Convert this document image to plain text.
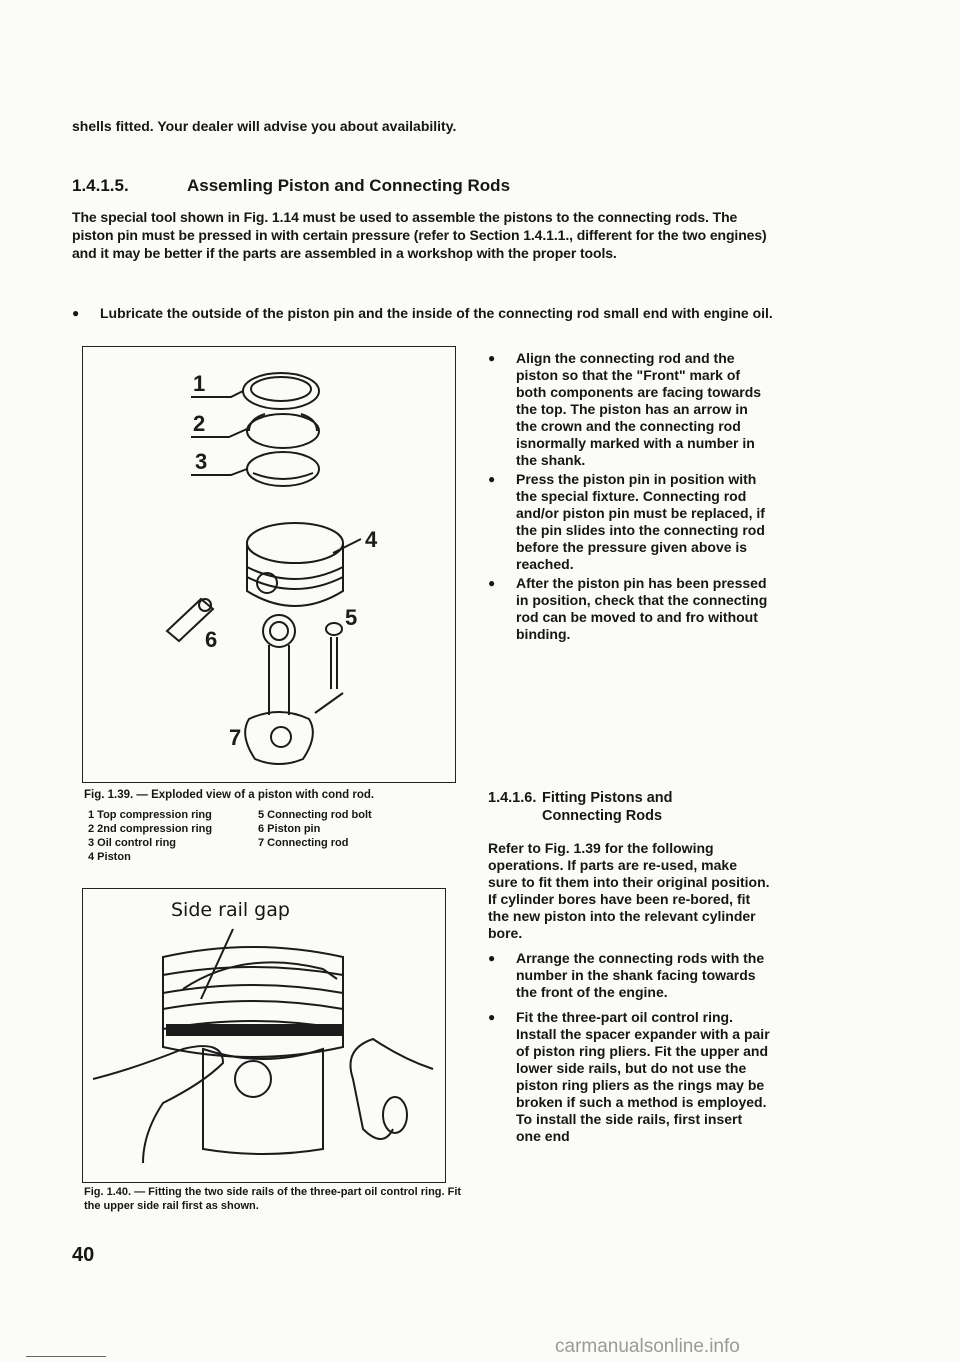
shells fitted. Your dealer will advise you about availability.
1.4.1.5.	Assemling Piston and Connecting Rods
The special tool shown in Fig. 1.14 must be used to assemble the pistons to the connecting rods. The piston pin must be pressed in with certain pressure (refer to Section 1.4.1.1., different for the two engines) and it may be better if the parts are assembled in a workshop with the proper tools.
● Lubricate the outside of the piston pin and the inside of the connecting rod small end with engine oil.
1
2
3
4
5
6
7
Fig. 1.39. — Exploded view of a piston with cond rod.
1 Top compression ring	5 Connecting rod bolt
2 2nd compression ring	6 Piston pin
3 Oil control ring	7 Connecting rod
4 Piston
Side rail gap
Fig. 1.40. — Fitting the two side rails of the three-part oil control ring. Fit the upper side rail first as shown.
● Align the connecting rod and the piston so that the "Front" mark of both components are facing towards the top. The piston has an arrow in the crown and the connecting rod isnormally marked with a number in the shank.
● Press the piston pin in position with the special fixture. Connecting rod and/or piston pin must be replaced, if the pin slides into the connecting rod before the pressure given above is reached.
● After the piston pin has been pressed in position, check that the connecting rod can be moved to and fro without binding.
1.4.1.6. Fitting Pistons and
Connecting Rods
Refer to Fig. 1.39 for the following operations. If parts are re-used, make sure to fit them into their original position. If cylinder bores have been re-bored, fit the new piston into the relevant cylinder bore.
● Arrange the connecting rods with the number in the shank facing towards the front of the engine.
● Fit the three-part oil control ring. Install the spacer expander with a pair of piston ring pliers. Fit the upper and lower side rails, but do not use the piston ring pliers as the rings may be broken if such a method is employed. To install the side rails, first insert one end
40
carmanualsonline.info
